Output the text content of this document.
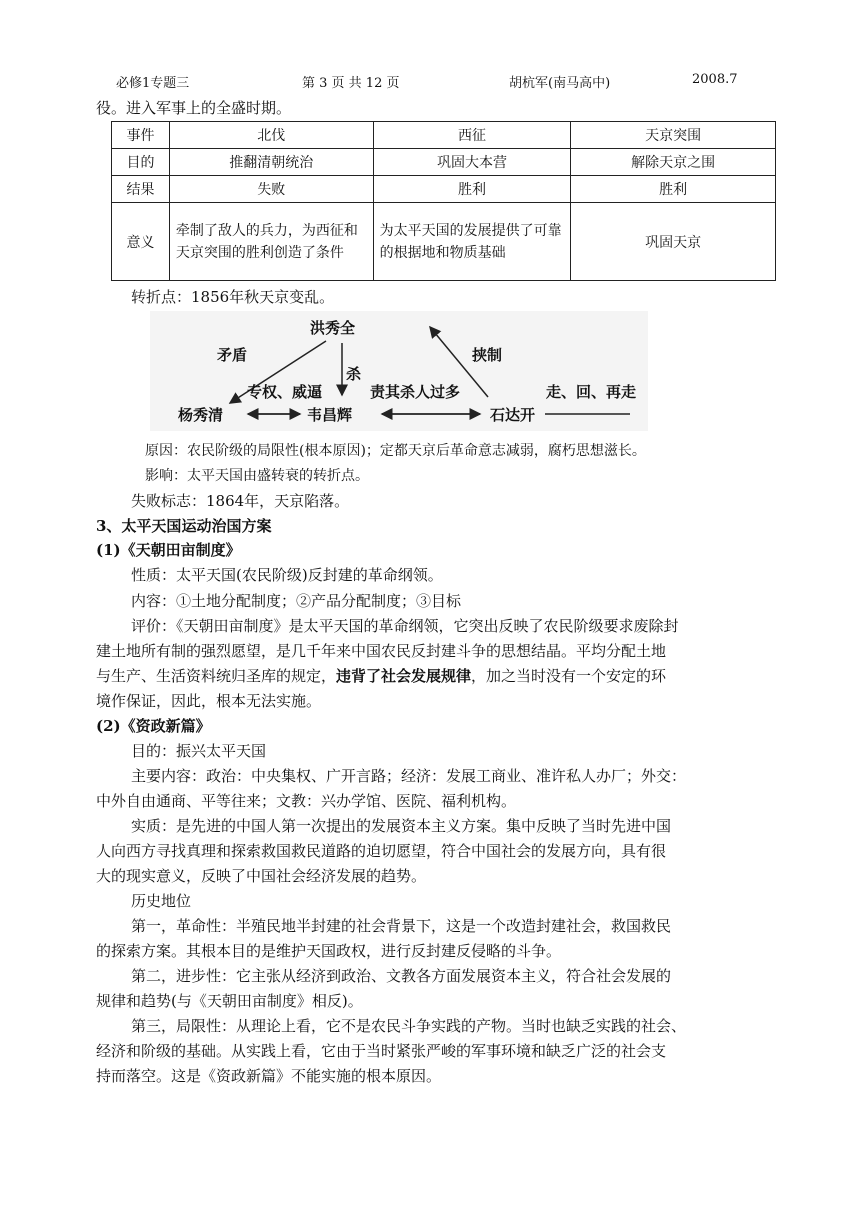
必修1专题三	第 3 页 共 12 页	胡杭军(南马高中)	2008.7
役。进入军事上的全盛时期。
事件	北伐	西征	天京突围
目的	推翻清朝统治	巩固大本营	解除天京之围
结果	失败	胜利	胜利
意义	牵制了敌人的兵力，为西征和天京突围的胜利创造了条件	为太平天国的发展提供了可靠的根据地和物质基础	巩固天京
转折点：1856年秋天京变乱。
洪秀全
杨秀清	韦昌辉	石达开
矛盾
专权、威逼
杀
责其杀人过多
挟制
走、回、再走
原因：农民阶级的局限性(根本原因)；定都天京后革命意志减弱，腐朽思想滋长。
影响：太平天国由盛转衰的转折点。
失败标志：1864年，天京陷落。
3、太平天国运动治国方案
(1)《天朝田亩制度》
性质：太平天国(农民阶级)反封建的革命纲领。
内容：①土地分配制度；②产品分配制度；③目标
评价：《天朝田亩制度》是太平天国的革命纲领，它突出反映了农民阶级要求废除封
建土地所有制的强烈愿望，是几千年来中国农民反封建斗争的思想结晶。平均分配土地
与生产、生活资料统归圣库的规定，违背了社会发展规律，加之当时没有一个安定的环
境作保证，因此，根本无法实施。
(2)《资政新篇》
目的：振兴太平天国
主要内容：政治：中央集权、广开言路；经济：发展工商业、准许私人办厂；外交：
中外自由通商、平等往来；文教：兴办学馆、医院、福利机构。
实质：是先进的中国人第一次提出的发展资本主义方案。集中反映了当时先进中国
人向西方寻找真理和探索救国救民道路的迫切愿望，符合中国社会的发展方向，具有很
大的现实意义，反映了中国社会经济发展的趋势。
历史地位
第一，革命性：半殖民地半封建的社会背景下，这是一个改造封建社会，救国救民
的探索方案。其根本目的是维护天国政权，进行反封建反侵略的斗争。
第二，进步性：它主张从经济到政治、文教各方面发展资本主义，符合社会发展的
规律和趋势(与《天朝田亩制度》相反)。
第三，局限性：从理论上看，它不是农民斗争实践的产物。当时也缺乏实践的社会、
经济和阶级的基础。从实践上看，它由于当时紧张严峻的军事环境和缺乏广泛的社会支
持而落空。这是《资政新篇》不能实施的根本原因。
